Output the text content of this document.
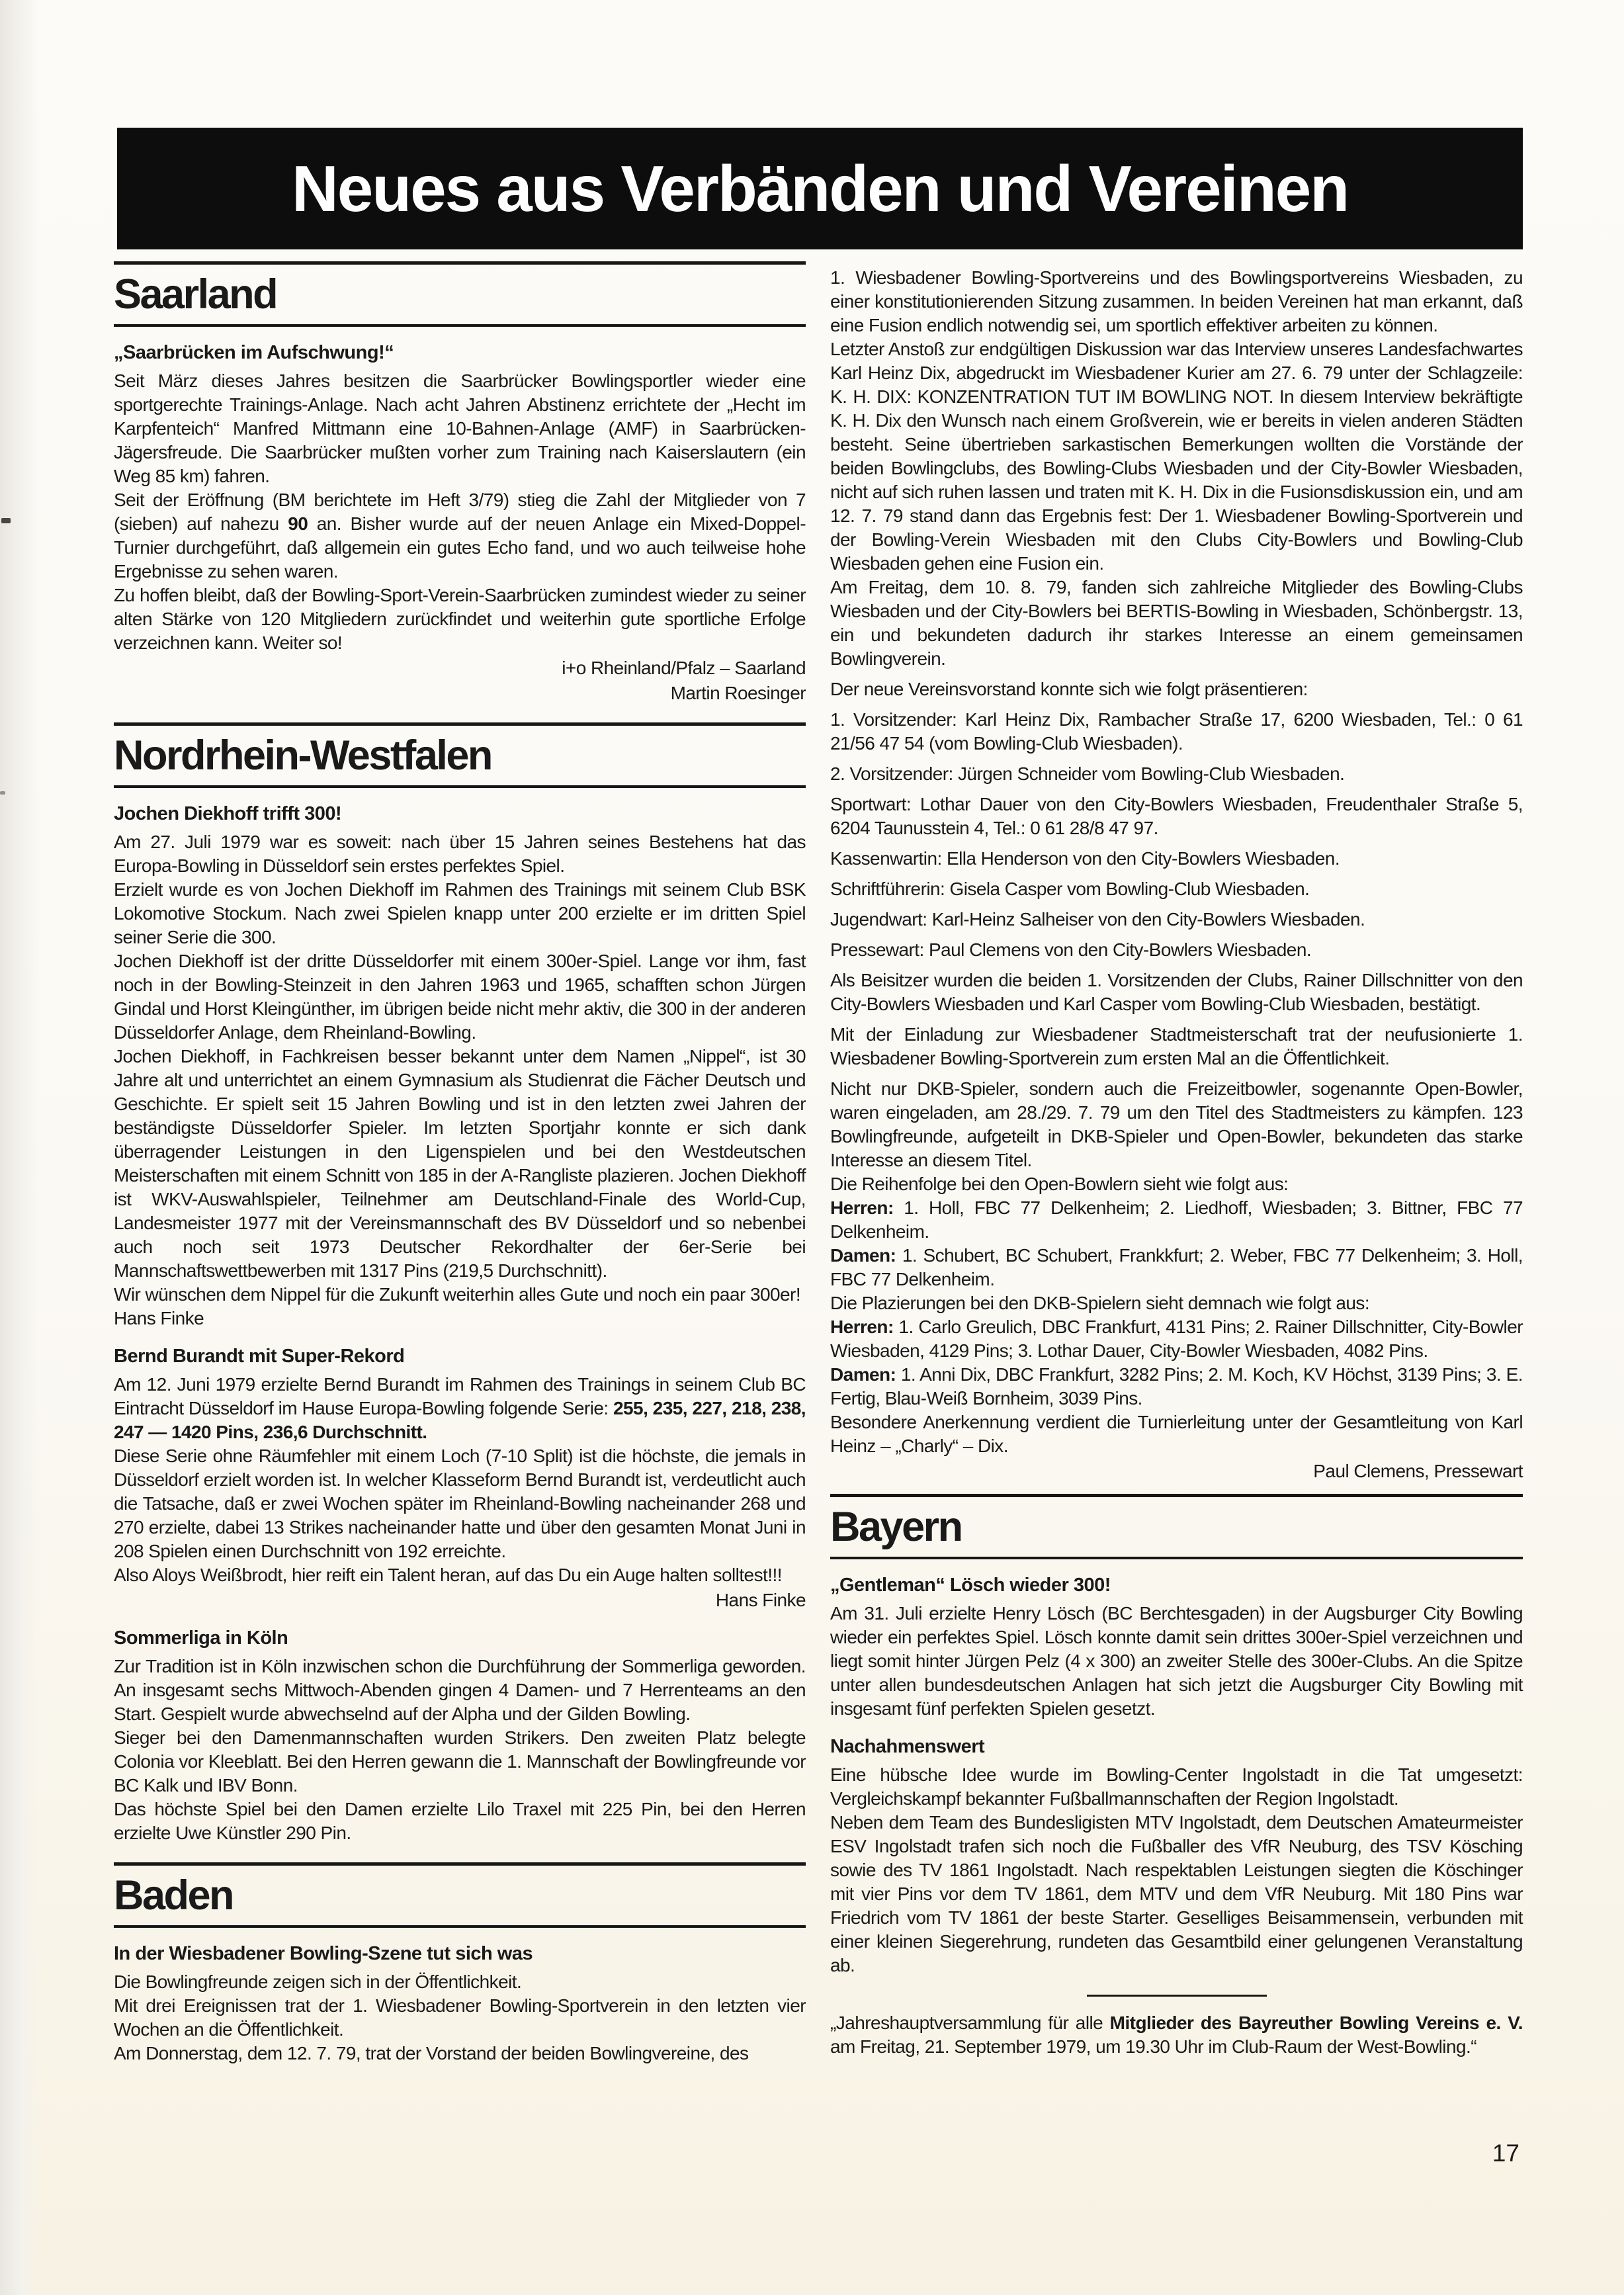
Neues aus Verbänden und Vereinen
Saarland
„Saarbrücken im Aufschwung!“

Seit März dieses Jahres besitzen die Saarbrücker Bowlingsportler wieder eine sportgerechte Trainings-Anlage. Nach acht Jahren Abstinenz errichtete der „Hecht im Karpfenteich“ Manfred Mittmann eine 10-Bahnen-Anlage (AMF) in Saarbrücken-Jägersfreude. Die Saarbrücker mußten vorher zum Training nach Kaiserslautern (ein Weg 85 km) fahren.

Seit der Eröffnung (BM berichtete im Heft 3/79) stieg die Zahl der Mitglieder von 7 (sieben) auf nahezu 90 an. Bisher wurde auf der neuen Anlage ein Mixed-Doppel-Turnier durchgeführt, daß allgemein ein gutes Echo fand, und wo auch teilweise hohe Ergebnisse zu sehen waren.

Zu hoffen bleibt, daß der Bowling-Sport-Verein-Saarbrücken zumindest wieder zu seiner alten Stärke von 120 Mitgliedern zurückfindet und weiterhin gute sportliche Erfolge verzeichnen kann. Weiter so!

i+o Rheinland/Pfalz – Saarland

Martin Roesinger

Nordrhein-Westfalen
Jochen Diekhoff trifft 300!

Am 27. Juli 1979 war es soweit: nach über 15 Jahren seines Bestehens hat das Europa-Bowling in Düsseldorf sein erstes perfektes Spiel.

Erzielt wurde es von Jochen Diekhoff im Rahmen des Trainings mit seinem Club BSK Lokomotive Stockum. Nach zwei Spielen knapp unter 200 erzielte er im dritten Spiel seiner Serie die 300.

Jochen Diekhoff ist der dritte Düsseldorfer mit einem 300er-Spiel. Lange vor ihm, fast noch in der Bowling-Steinzeit in den Jahren 1963 und 1965, schafften schon Jürgen Gindal und Horst Kleingünther, im übrigen beide nicht mehr aktiv, die 300 in der anderen Düsseldorfer Anlage, dem Rheinland-Bowling.

Jochen Diekhoff, in Fachkreisen besser bekannt unter dem Namen „Nippel“, ist 30 Jahre alt und unterrichtet an einem Gymnasium als Studienrat die Fächer Deutsch und Geschichte. Er spielt seit 15 Jahren Bowling und ist in den letzten zwei Jahren der beständigste Düsseldorfer Spieler. Im letzten Sportjahr konnte er sich dank überragender Leistungen in den Ligenspielen und bei den Westdeutschen Meisterschaften mit einem Schnitt von 185 in der A-Rangliste plazieren. Jochen Diekhoff ist WKV-Auswahlspieler, Teilnehmer am Deutschland-Finale des World-Cup, Landesmeister 1977 mit der Vereinsmannschaft des BV Düsseldorf und so nebenbei auch noch seit 1973 Deutscher Rekordhalter der 6er-Serie bei Mannschaftswettbewerben mit 1317 Pins (219,5 Durchschnitt).

Wir wünschen dem Nippel für die Zukunft weiterhin alles Gute und noch ein paar 300er!

Hans Finke

Bernd Burandt mit Super-Rekord

Am 12. Juni 1979 erzielte Bernd Burandt im Rahmen des Trainings in seinem Club BC Eintracht Düsseldorf im Hause Europa-Bowling folgende Serie: 255, 235, 227, 218, 238, 247 — 1420 Pins, 236,6 Durchschnitt.

Diese Serie ohne Räumfehler mit einem Loch (7-10 Split) ist die höchste, die jemals in Düsseldorf erzielt worden ist. In welcher Klasseform Bernd Burandt ist, verdeutlicht auch die Tatsache, daß er zwei Wochen später im Rheinland-Bowling nacheinander 268 und 270 erzielte, dabei 13 Strikes nacheinander hatte und über den gesamten Monat Juni in 208 Spielen einen Durchschnitt von 192 erreichte.

Also Aloys Weißbrodt, hier reift ein Talent heran, auf das Du ein Auge halten solltest!!!

Hans Finke

Sommerliga in Köln

Zur Tradition ist in Köln inzwischen schon die Durchführung der Sommerliga geworden. An insgesamt sechs Mittwoch-Abenden gingen 4 Damen- und 7 Herrenteams an den Start. Gespielt wurde abwechselnd auf der Alpha und der Gilden Bowling.

Sieger bei den Damenmannschaften wurden Strikers. Den zweiten Platz belegte Colonia vor Kleeblatt. Bei den Herren gewann die 1. Mannschaft der Bowlingfreunde vor BC Kalk und IBV Bonn.

Das höchste Spiel bei den Damen erzielte Lilo Traxel mit 225 Pin, bei den Herren erzielte Uwe Künstler 290 Pin.

Baden
In der Wiesbadener Bowling-Szene tut sich was

Die Bowlingfreunde zeigen sich in der Öffentlichkeit.

Mit drei Ereignissen trat der 1. Wiesbadener Bowling-Sportverein in den letzten vier Wochen an die Öffentlichkeit.

Am Donnerstag, dem 12. 7. 79, trat der Vorstand der beiden Bowlingvereine, des

1. Wiesbadener Bowling-Sportvereins und des Bowlingsportvereins Wiesbaden, zu einer konstitutionierenden Sitzung zusammen. In beiden Vereinen hat man erkannt, daß eine Fusion endlich notwendig sei, um sportlich effektiver arbeiten zu können.

Letzter Anstoß zur endgültigen Diskussion war das Interview unseres Landesfachwartes Karl Heinz Dix, abgedruckt im Wiesbadener Kurier am 27. 6. 79 unter der Schlagzeile: K. H. DIX: KONZENTRATION TUT IM BOWLING NOT. In diesem Interview bekräftigte K. H. Dix den Wunsch nach einem Großverein, wie er bereits in vielen anderen Städten besteht. Seine übertrieben sarkastischen Bemerkungen wollten die Vorstände der beiden Bowlingclubs, des Bowling-Clubs Wiesbaden und der City-Bowler Wiesbaden, nicht auf sich ruhen lassen und traten mit K. H. Dix in die Fusionsdiskussion ein, und am 12. 7. 79 stand dann das Ergebnis fest: Der 1. Wiesbadener Bowling-Sportverein und der Bowling-Verein Wiesbaden mit den Clubs City-Bowlers und Bowling-Club Wiesbaden gehen eine Fusion ein.

Am Freitag, dem 10. 8. 79, fanden sich zahlreiche Mitglieder des Bowling-Clubs Wiesbaden und der City-Bowlers bei BERTIS-Bowling in Wiesbaden, Schönbergstr. 13, ein und bekundeten dadurch ihr starkes Interesse an einem gemeinsamen Bowlingverein.

Der neue Vereinsvorstand konnte sich wie folgt präsentieren:

1. Vorsitzender: Karl Heinz Dix, Rambacher Straße 17, 6200 Wiesbaden, Tel.: 0 61 21/56 47 54 (vom Bowling-Club Wiesbaden).

2. Vorsitzender: Jürgen Schneider vom Bowling-Club Wiesbaden.

Sportwart: Lothar Dauer von den City-Bowlers Wiesbaden, Freudenthaler Straße 5, 6204 Taunusstein 4, Tel.: 0 61 28/8 47 97.

Kassenwartin: Ella Henderson von den City-Bowlers Wiesbaden.

Schriftführerin: Gisela Casper vom Bowling-Club Wiesbaden.

Jugendwart: Karl-Heinz Salheiser von den City-Bowlers Wiesbaden.

Pressewart: Paul Clemens von den City-Bowlers Wiesbaden.

Als Beisitzer wurden die beiden 1. Vorsitzenden der Clubs, Rainer Dillschnitter von den City-Bowlers Wiesbaden und Karl Casper vom Bowling-Club Wiesbaden, bestätigt.

Mit der Einladung zur Wiesbadener Stadtmeisterschaft trat der neufusionierte 1. Wiesbadener Bowling-Sportverein zum ersten Mal an die Öffentlichkeit.

Nicht nur DKB-Spieler, sondern auch die Freizeitbowler, sogenannte Open-Bowler, waren eingeladen, am 28./29. 7. 79 um den Titel des Stadtmeisters zu kämpfen. 123 Bowlingfreunde, aufgeteilt in DKB-Spieler und Open-Bowler, bekundeten das starke Interesse an diesem Titel.

Die Reihenfolge bei den Open-Bowlern sieht wie folgt aus:

Herren: 1. Holl, FBC 77 Delkenheim; 2. Liedhoff, Wiesbaden; 3. Bittner, FBC 77 Delkenheim.

Damen: 1. Schubert, BC Schubert, Frankkfurt; 2. Weber, FBC 77 Delkenheim; 3. Holl, FBC 77 Delkenheim.

Die Plazierungen bei den DKB-Spielern sieht demnach wie folgt aus:

Herren: 1. Carlo Greulich, DBC Frankfurt, 4131 Pins; 2. Rainer Dillschnitter, City-Bowler Wiesbaden, 4129 Pins; 3. Lothar Dauer, City-Bowler Wiesbaden, 4082 Pins.

Damen: 1. Anni Dix, DBC Frankfurt, 3282 Pins; 2. M. Koch, KV Höchst, 3139 Pins; 3. E. Fertig, Blau-Weiß Bornheim, 3039 Pins.

Besondere Anerkennung verdient die Turnierleitung unter der Gesamtleitung von Karl Heinz – „Charly“ – Dix.

Paul Clemens, Pressewart

Bayern
„Gentleman“ Lösch wieder 300!

Am 31. Juli erzielte Henry Lösch (BC Berchtesgaden) in der Augsburger City Bowling wieder ein perfektes Spiel. Lösch konnte damit sein drittes 300er-Spiel verzeichnen und liegt somit hinter Jürgen Pelz (4 x 300) an zweiter Stelle des 300er-Clubs. An die Spitze unter allen bundesdeutschen Anlagen hat sich jetzt die Augsburger City Bowling mit insgesamt fünf perfekten Spielen gesetzt.

Nachahmenswert

Eine hübsche Idee wurde im Bowling-Center Ingolstadt in die Tat umgesetzt: Vergleichskampf bekannter Fußballmannschaften der Region Ingolstadt.

Neben dem Team des Bundesligisten MTV Ingolstadt, dem Deutschen Amateurmeister ESV Ingolstadt trafen sich noch die Fußballer des VfR Neuburg, des TSV Kösching sowie des TV 1861 Ingolstadt. Nach respektablen Leistungen siegten die Köschinger mit vier Pins vor dem TV 1861, dem MTV und dem VfR Neuburg. Mit 180 Pins war Friedrich vom TV 1861 der beste Starter. Geselliges Beisammensein, verbunden mit einer kleinen Siegerehrung, rundeten das Gesamtbild einer gelungenen Veranstaltung ab.

„Jahreshauptversammlung für alle Mitglieder des Bayreuther Bowling Vereins e. V. am Freitag, 21. September 1979, um 19.30 Uhr im Club-Raum der West-Bowling.“

17
